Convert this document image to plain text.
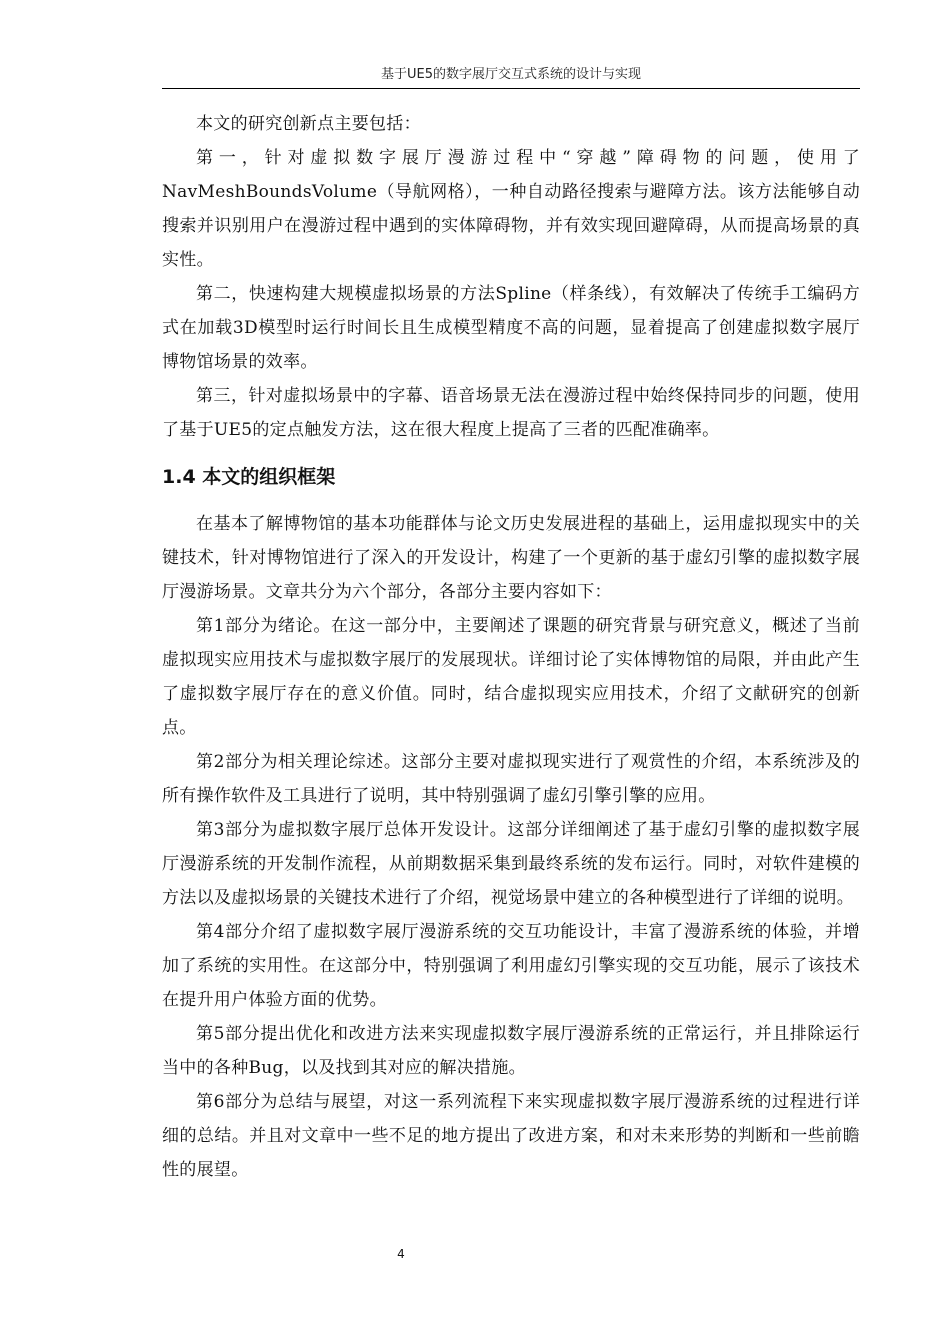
基于UE5的数字展厅交互式系统的设计与实现

本文的研究创新点主要包括：

第一，针对虚拟数字展厅漫游过程中“穿越”障碍物的问题，使用了NavMeshBoundsVolume（导航网格），一种自动路径搜索与避障方法。该方法能够自动搜索并识别用户在漫游过程中遇到的实体障碍物，并有效实现回避障碍，从而提高场景的真实性。

第二，快速构建大规模虚拟场景的方法Spline（样条线），有效解决了传统手工编码方式在加载3D模型时运行时间长且生成模型精度不高的问题，显着提高了创建虚拟数字展厅博物馆场景的效率。

第三，针对虚拟场景中的字幕、语音场景无法在漫游过程中始终保持同步的问题，使用了基于UE5的定点触发方法，这在很大程度上提高了三者的匹配准确率。

1.4 本文的组织框架

在基本了解博物馆的基本功能群体与论文历史发展进程的基础上，运用虚拟现实中的关键技术，针对博物馆进行了深入的开发设计，构建了一个更新的基于虚幻引擎的虚拟数字展厅漫游场景。文章共分为六个部分，各部分主要内容如下：

第1部分为绪论。在这一部分中，主要阐述了课题的研究背景与研究意义，概述了当前虚拟现实应用技术与虚拟数字展厅的发展现状。详细讨论了实体博物馆的局限，并由此产生了虚拟数字展厅存在的意义价值。同时，结合虚拟现实应用技术，介绍了文献研究的创新点。

第2部分为相关理论综述。这部分主要对虚拟现实进行了观赏性的介绍，本系统涉及的所有操作软件及工具进行了说明，其中特别强调了虚幻引擎引擎的应用。

第3部分为虚拟数字展厅总体开发设计。这部分详细阐述了基于虚幻引擎的虚拟数字展厅漫游系统的开发制作流程，从前期数据采集到最终系统的发布运行。同时，对软件建模的方法以及虚拟场景的关键技术进行了介绍，视觉场景中建立的各种模型进行了详细的说明。

第4部分介绍了虚拟数字展厅漫游系统的交互功能设计，丰富了漫游系统的体验，并增加了系统的实用性。在这部分中，特别强调了利用虚幻引擎实现的交互功能，展示了该技术在提升用户体验方面的优势。

第5部分提出优化和改进方法来实现虚拟数字展厅漫游系统的正常运行，并且排除运行当中的各种Bug，以及找到其对应的解决措施。

第6部分为总结与展望，对这一系列流程下来实现虚拟数字展厅漫游系统的过程进行详细的总结。并且对文章中一些不足的地方提出了改进方案，和对未来形势的判断和一些前瞻性的展望。

4
